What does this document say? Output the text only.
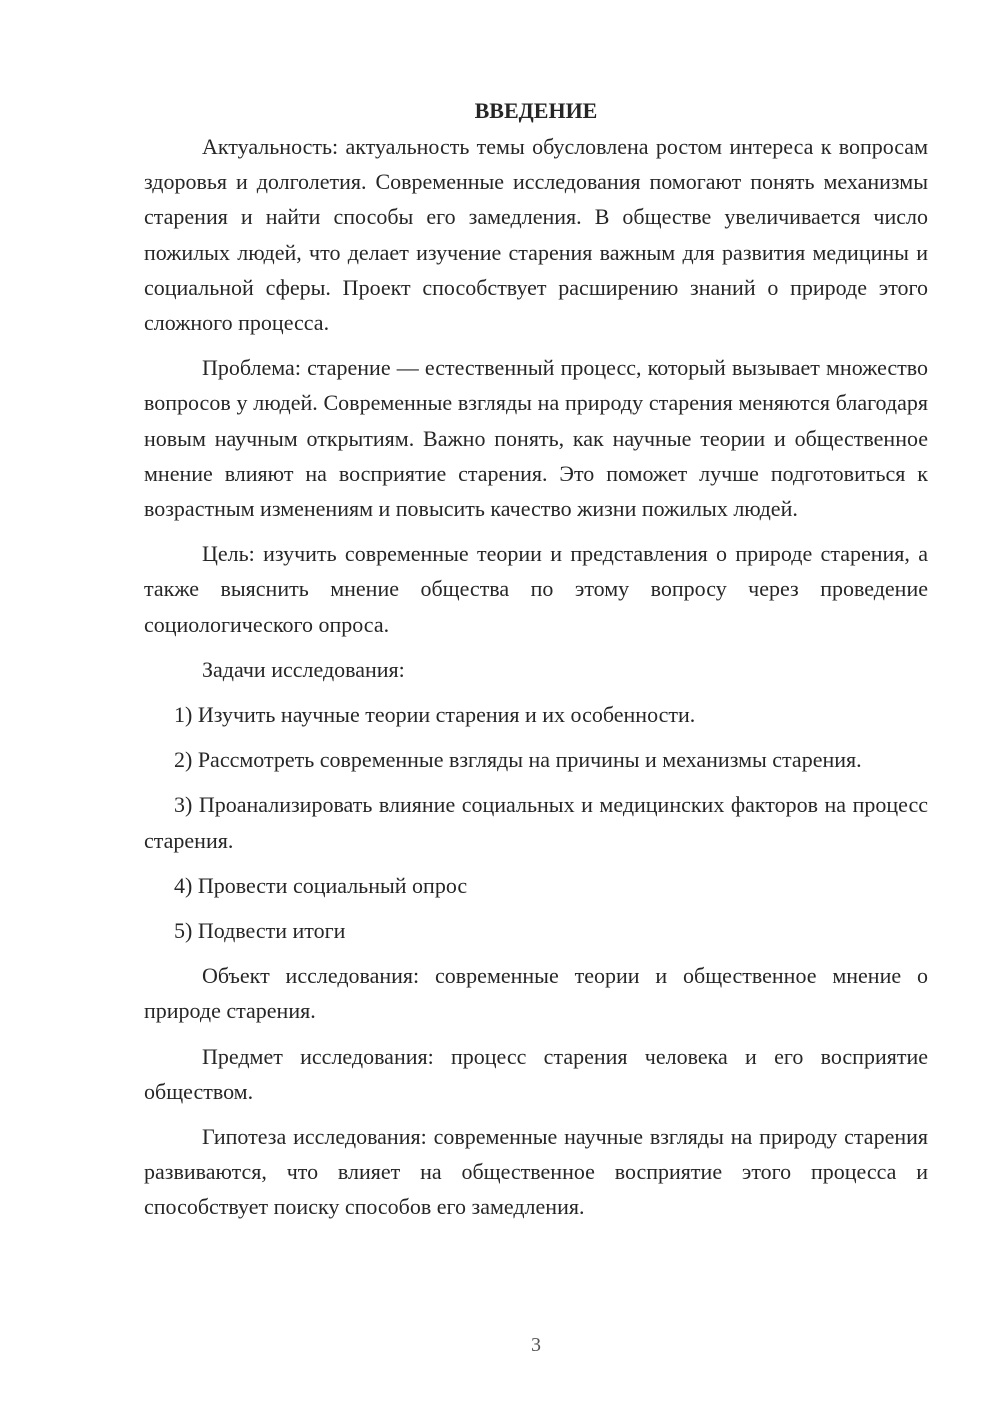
ВВЕДЕНИЕ

Актуальность: актуальность темы обусловлена ростом интереса к вопросам здоровья и долголетия. Современные исследования помогают понять механизмы старения и найти способы его замедления. В обществе увеличивается число пожилых людей, что делает изучение старения важным для развития медицины и социальной сферы. Проект способствует расширению знаний о природе этого сложного процесса.

Проблема: старение — естественный процесс, который вызывает множество вопросов у людей. Современные взгляды на природу старения меняются благодаря новым научным открытиям. Важно понять, как научные теории и общественное мнение влияют на восприятие старения. Это поможет лучше подготовиться к возрастным изменениям и повысить качество жизни пожилых людей.

Цель: изучить современные теории и представления о природе старения, а также выяснить мнение общества по этому вопросу через проведение социологического опроса.

Задачи исследования:

1) Изучить научные теории старения и их особенности.

2) Рассмотреть современные взгляды на причины и механизмы старения.

3) Проанализировать влияние социальных и медицинских факторов на процесс старения.

4) Провести социальный опрос

5) Подвести итоги

Объект исследования: современные теории и общественное мнение о природе старения.

Предмет исследования: процесс старения человека и его восприятие обществом.

Гипотеза исследования: современные научные взгляды на природу старения развиваются, что влияет на общественное восприятие этого процесса и способствует поиску способов его замедления.

3
